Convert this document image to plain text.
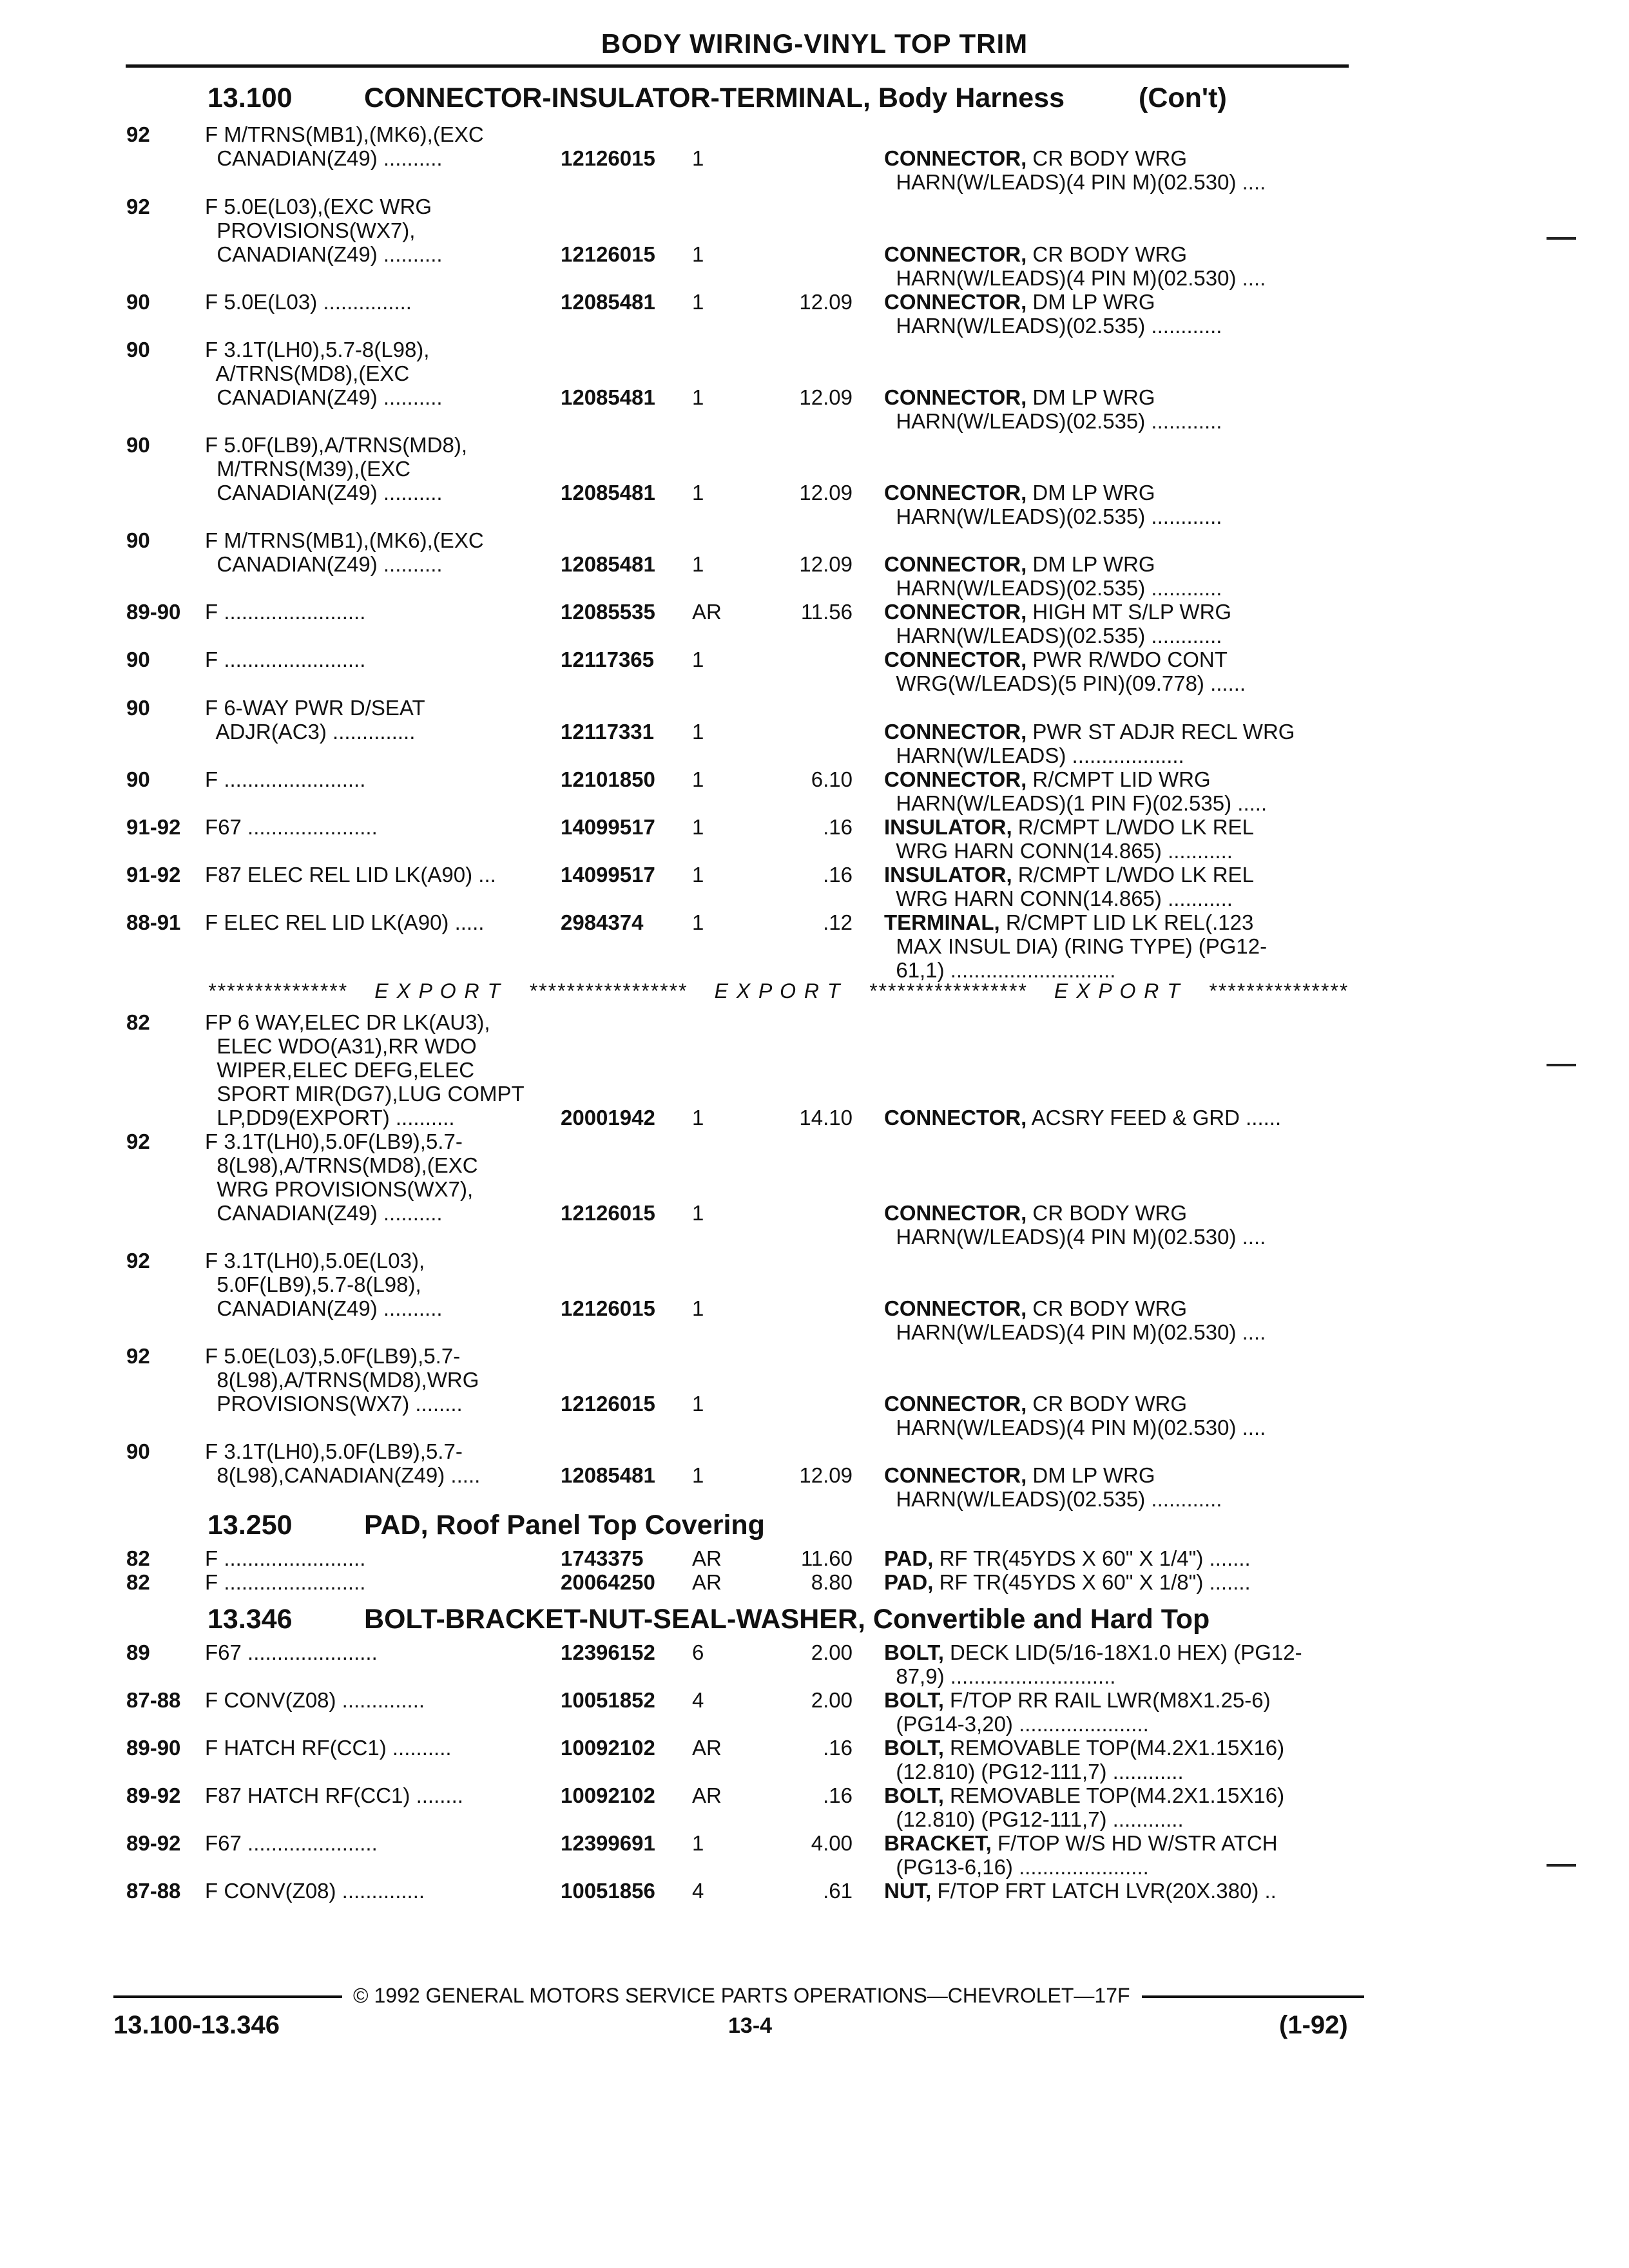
BODY WIRING-VINYL TOP TRIM
13.100	CONNECTOR-INSULATOR-TERMINAL, Body Harness	(Con't)
13.250	PAD, Roof Panel Top Covering
13.346	BOLT-BRACKET-NUT-SEAL-WASHER, Convertible and Hard Top
*************** E X P O R T ***************** E X P O R T ***************** E X P O R T ***************
92	F M/TRNS(MB1),(MK6),(EXC
CANADIAN(Z49) ..........	12126015 1	CONNECTOR, CR BODY WRG
HARN(W/LEADS)(4 PIN M)(02.530) ....
92	F 5.0E(L03),(EXC WRG
PROVISIONS(WX7),
CANADIAN(Z49) ..........	12126015 1	CONNECTOR, CR BODY WRG
HARN(W/LEADS)(4 PIN M)(02.530) ....
90	F 5.0E(L03) ...............	12085481 1	12.09 CONNECTOR, DM LP WRG
HARN(W/LEADS)(02.535) ............
90	F 3.1T(LH0),5.7-8(L98),
A/TRNS(MD8),(EXC
CANADIAN(Z49) ..........	12085481 1	12.09 CONNECTOR, DM LP WRG
HARN(W/LEADS)(02.535) ............
90	F 5.0F(LB9),A/TRNS(MD8),
M/TRNS(M39),(EXC
CANADIAN(Z49) ..........	12085481 1	12.09 CONNECTOR, DM LP WRG
HARN(W/LEADS)(02.535) ............
90	F M/TRNS(MB1),(MK6),(EXC
CANADIAN(Z49) ..........	12085481 1	12.09 CONNECTOR, DM LP WRG
HARN(W/LEADS)(02.535) ............
89-90 F ........................	12085535 AR	11.56 CONNECTOR, HIGH MT S/LP WRG
HARN(W/LEADS)(02.535) ............
90	F ........................	12117365 1	CONNECTOR, PWR R/WDO CONT
WRG(W/LEADS)(5 PIN)(09.778) ......
90	F 6-WAY PWR D/SEAT
ADJR(AC3) ..............	12117331 1	CONNECTOR, PWR ST ADJR RECL WRG
HARN(W/LEADS) ...................
90	F ........................	12101850 1	6.10 CONNECTOR, R/CMPT LID WRG
HARN(W/LEADS)(1 PIN F)(02.535) .....
91-92 F67 ......................	14099517 1	.16 INSULATOR, R/CMPT L/WDO LK REL
WRG HARN CONN(14.865) ...........
91-92 F87 ELEC REL LID LK(A90) ...	14099517 1	.16 INSULATOR, R/CMPT L/WDO LK REL
WRG HARN CONN(14.865) ...........
88-91 F ELEC REL LID LK(A90) .....	2984374 1	.12 TERMINAL, R/CMPT LID LK REL(.123
MAX INSUL DIA) (RING TYPE) (PG12-
61,1) ............................
82	FP 6 WAY,ELEC DR LK(AU3),
ELEC WDO(A31),RR WDO
WIPER,ELEC DEFG,ELEC
SPORT MIR(DG7),LUG COMPT
LP,DD9(EXPORT) ..........	20001942 1	14.10 CONNECTOR, ACSRY FEED & GRD ......
92	F 3.1T(LH0),5.0F(LB9),5.7-
8(L98),A/TRNS(MD8),(EXC
WRG PROVISIONS(WX7),
CANADIAN(Z49) ..........	12126015 1	CONNECTOR, CR BODY WRG
HARN(W/LEADS)(4 PIN M)(02.530) ....
92	F 3.1T(LH0),5.0E(L03),
5.0F(LB9),5.7-8(L98),
CANADIAN(Z49) ..........	12126015 1	CONNECTOR, CR BODY WRG
HARN(W/LEADS)(4 PIN M)(02.530) ....
92	F 5.0E(L03),5.0F(LB9),5.7-
8(L98),A/TRNS(MD8),WRG
PROVISIONS(WX7) ........	12126015 1	CONNECTOR, CR BODY WRG
HARN(W/LEADS)(4 PIN M)(02.530) ....
90	F 3.1T(LH0),5.0F(LB9),5.7-
8(L98),CANADIAN(Z49) .....	12085481 1	12.09 CONNECTOR, DM LP WRG
HARN(W/LEADS)(02.535) ............
82	F ........................	1743375 AR	11.60 PAD, RF TR(45YDS X 60" X 1/4") .......
82	F ........................	20064250 AR	8.80 PAD, RF TR(45YDS X 60" X 1/8") .......
89	F67 ......................	12396152 6	2.00 BOLT, DECK LID(5/16-18X1.0 HEX) (PG12-
87,9) ............................
87-88 F CONV(Z08) ..............	10051852 4	2.00 BOLT, F/TOP RR RAIL LWR(M8X1.25-6)
(PG14-3,20) ......................
89-90 F HATCH RF(CC1) ..........	10092102 AR	.16 BOLT, REMOVABLE TOP(M4.2X1.15X16)
(12.810) (PG12-111,7) ............
89-92 F87 HATCH RF(CC1) ........	10092102 AR	.16 BOLT, REMOVABLE TOP(M4.2X1.15X16)
(12.810) (PG12-111,7) ............
89-92 F67 ......................	12399691 1	4.00 BRACKET, F/TOP W/S HD W/STR ATCH
(PG13-6,16) ......................
87-88 F CONV(Z08) ..............	10051856 4	.61 NUT, F/TOP FRT LATCH LVR(20X.380) ..
© 1992 GENERAL MOTORS SERVICE PARTS OPERATIONS—CHEVROLET—17F
13.100-13.346	13-4	(1-92)
